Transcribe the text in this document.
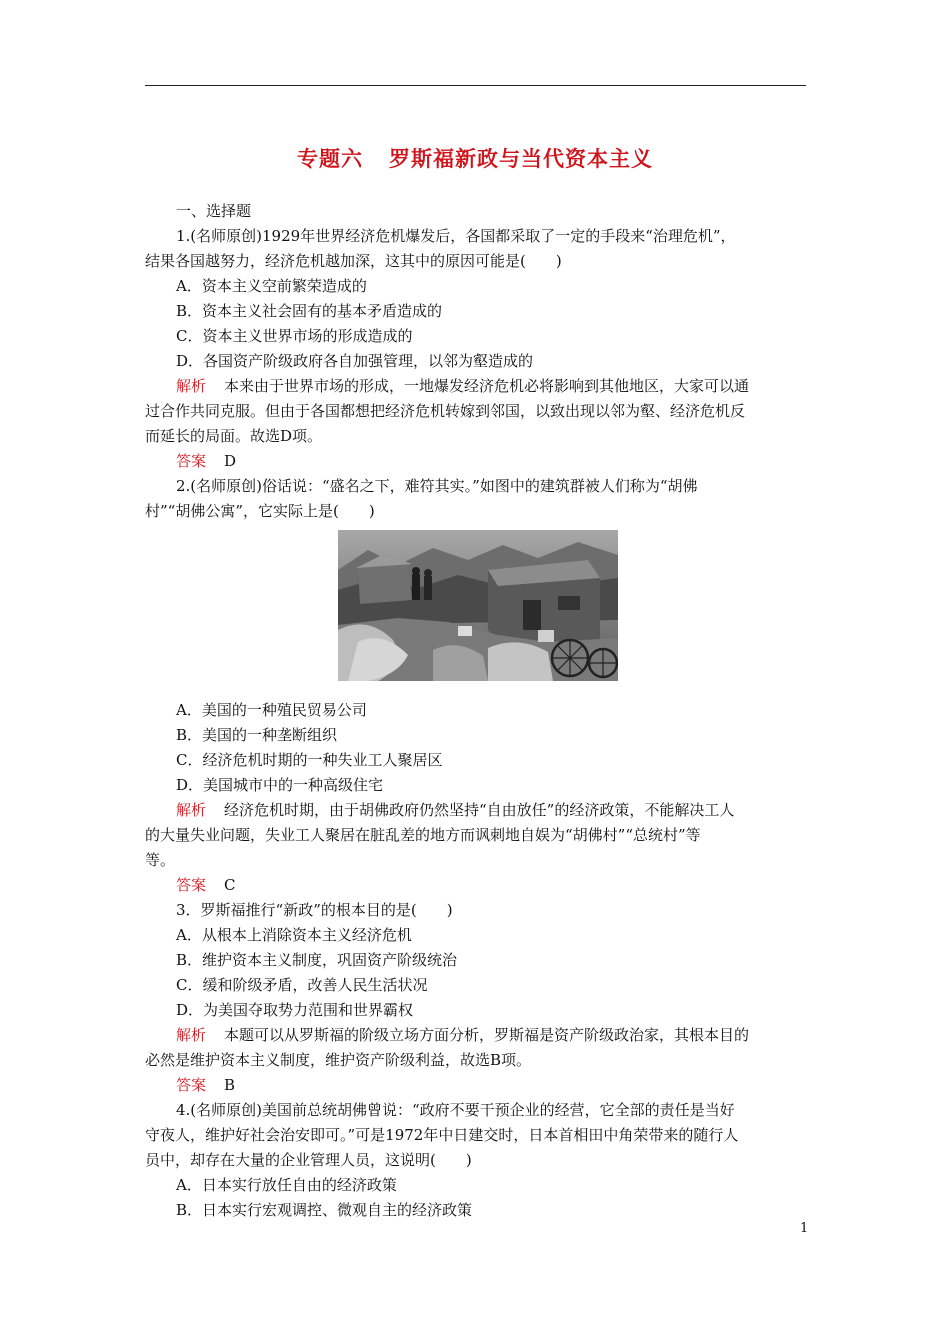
专题六 罗斯福新政与当代资本主义
一、选择题
1.(名师原创)1929年世界经济危机爆发后，各国都采取了一定的手段来“治理危机”，
结果各国越努力，经济危机越加深，这其中的原因可能是(　　)
A．资本主义空前繁荣造成的
B．资本主义社会固有的基本矛盾造成的
C．资本主义世界市场的形成造成的
D．各国资产阶级政府各自加强管理，以邻为壑造成的
解析 本来由于世界市场的形成，一地爆发经济危机必将影响到其他地区，大家可以通
过合作共同克服。但由于各国都想把经济危机转嫁到邻国，以致出现以邻为壑、经济危机反
而延长的局面。故选D项。
答案 D
2.(名师原创)俗话说：“盛名之下，难符其实。”如图中的建筑群被人们称为“胡佛
村”“胡佛公寓”，它实际上是(　　)
A．美国的一种殖民贸易公司
B．美国的一种垄断组织
C．经济危机时期的一种失业工人聚居区
D．美国城市中的一种高级住宅
解析 经济危机时期，由于胡佛政府仍然坚持“自由放任”的经济政策，不能解决工人
的大量失业问题，失业工人聚居在脏乱差的地方而讽刺地自娱为“胡佛村”“总统村”等
等。
答案 C
3．罗斯福推行“新政”的根本目的是(　　)
A．从根本上消除资本主义经济危机
B．维护资本主义制度，巩固资产阶级统治
C．缓和阶级矛盾，改善人民生活状况
D．为美国夺取势力范围和世界霸权
解析 本题可以从罗斯福的阶级立场方面分析，罗斯福是资产阶级政治家，其根本目的
必然是维护资本主义制度，维护资产阶级利益，故选B项。
答案 B
4.(名师原创)美国前总统胡佛曾说：“政府不要干预企业的经营，它全部的责任是当好
守夜人，维护好社会治安即可。”可是1972年中日建交时，日本首相田中角荣带来的随行人
员中，却存在大量的企业管理人员，这说明(　　)
A．日本实行放任自由的经济政策
B．日本实行宏观调控、微观自主的经济政策
1
